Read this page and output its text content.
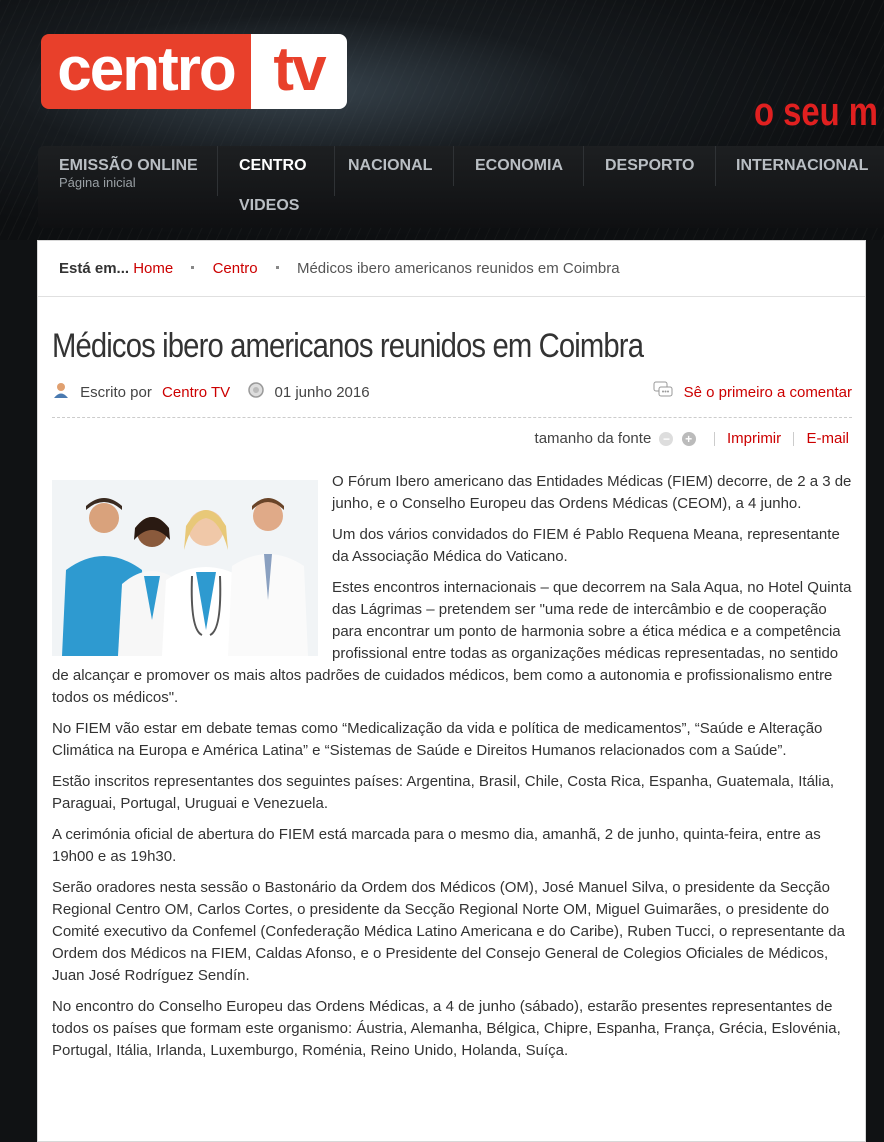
centro tv
o seu m
EMISSÃO ONLINE
Página inicial
CENTRO	NACIONAL	ECONOMIA	DESPORTO	INTERNACIONAL
VIDEOS
Está em... Home	Centro	Médicos ibero americanos reunidos em Coimbra
Médicos ibero americanos reunidos em Coimbra
Escrito por Centro TV	01 junho 2016	Sê o primeiro a comentar
tamanho da fonte − + Imprimir E-mail

O Fórum Ibero americano das Entidades Médicas (FIEM) decorre, de 2 a 3 de junho, e o Conselho Europeu das Ordens Médicas (CEOM), a 4 junho.

Um dos vários convidados do FIEM é Pablo Requena Meana, representante da Associação Médica do Vaticano.

Estes encontros internacionais – que decorrem na Sala Aqua, no Hotel Quinta das Lágrimas – pretendem ser "uma rede de intercâmbio e de cooperação para encontrar um ponto de harmonia sobre a ética médica e a competência profissional entre todas as organizações médicas representadas, no sentido de alcançar e promover os mais altos padrões de cuidados médicos, bem como a autonomia e profissionalismo entre todos os médicos".

No FIEM vão estar em debate temas como “Medicalização da vida e política de medicamentos”, “Saúde e Alteração Climática na Europa e América Latina” e “Sistemas de Saúde e Direitos Humanos relacionados com a Saúde”.

Estão inscritos representantes dos seguintes países: Argentina, Brasil, Chile, Costa Rica, Espanha, Guatemala, Itália, Paraguai, Portugal, Uruguai e Venezuela.

A cerimónia oficial de abertura do FIEM está marcada para o mesmo dia, amanhã, 2 de junho, quinta-feira, entre as 19h00 e as 19h30.

Serão oradores nesta sessão o Bastonário da Ordem dos Médicos (OM), José Manuel Silva, o presidente da Secção Regional Centro OM, Carlos Cortes, o presidente da Secção Regional Norte OM, Miguel Guimarães, o presidente do Comité executivo da Confemel (Confederação Médica Latino Americana e do Caribe), Ruben Tucci, o representante da Ordem dos Médicos na FIEM, Caldas Afonso, e o Presidente del Consejo General de Colegios Oficiales de Médicos, Juan José Rodríguez Sendín.

No encontro do Conselho Europeu das Ordens Médicas, a 4 de junho (sábado), estarão presentes representantes de todos os países que formam este organismo: Áustria, Alemanha, Bélgica, Chipre, Espanha, França, Grécia, Eslovénia, Portugal, Itália, Irlanda, Luxemburgo, Roménia, Reino Unido, Holanda, Suíça.
